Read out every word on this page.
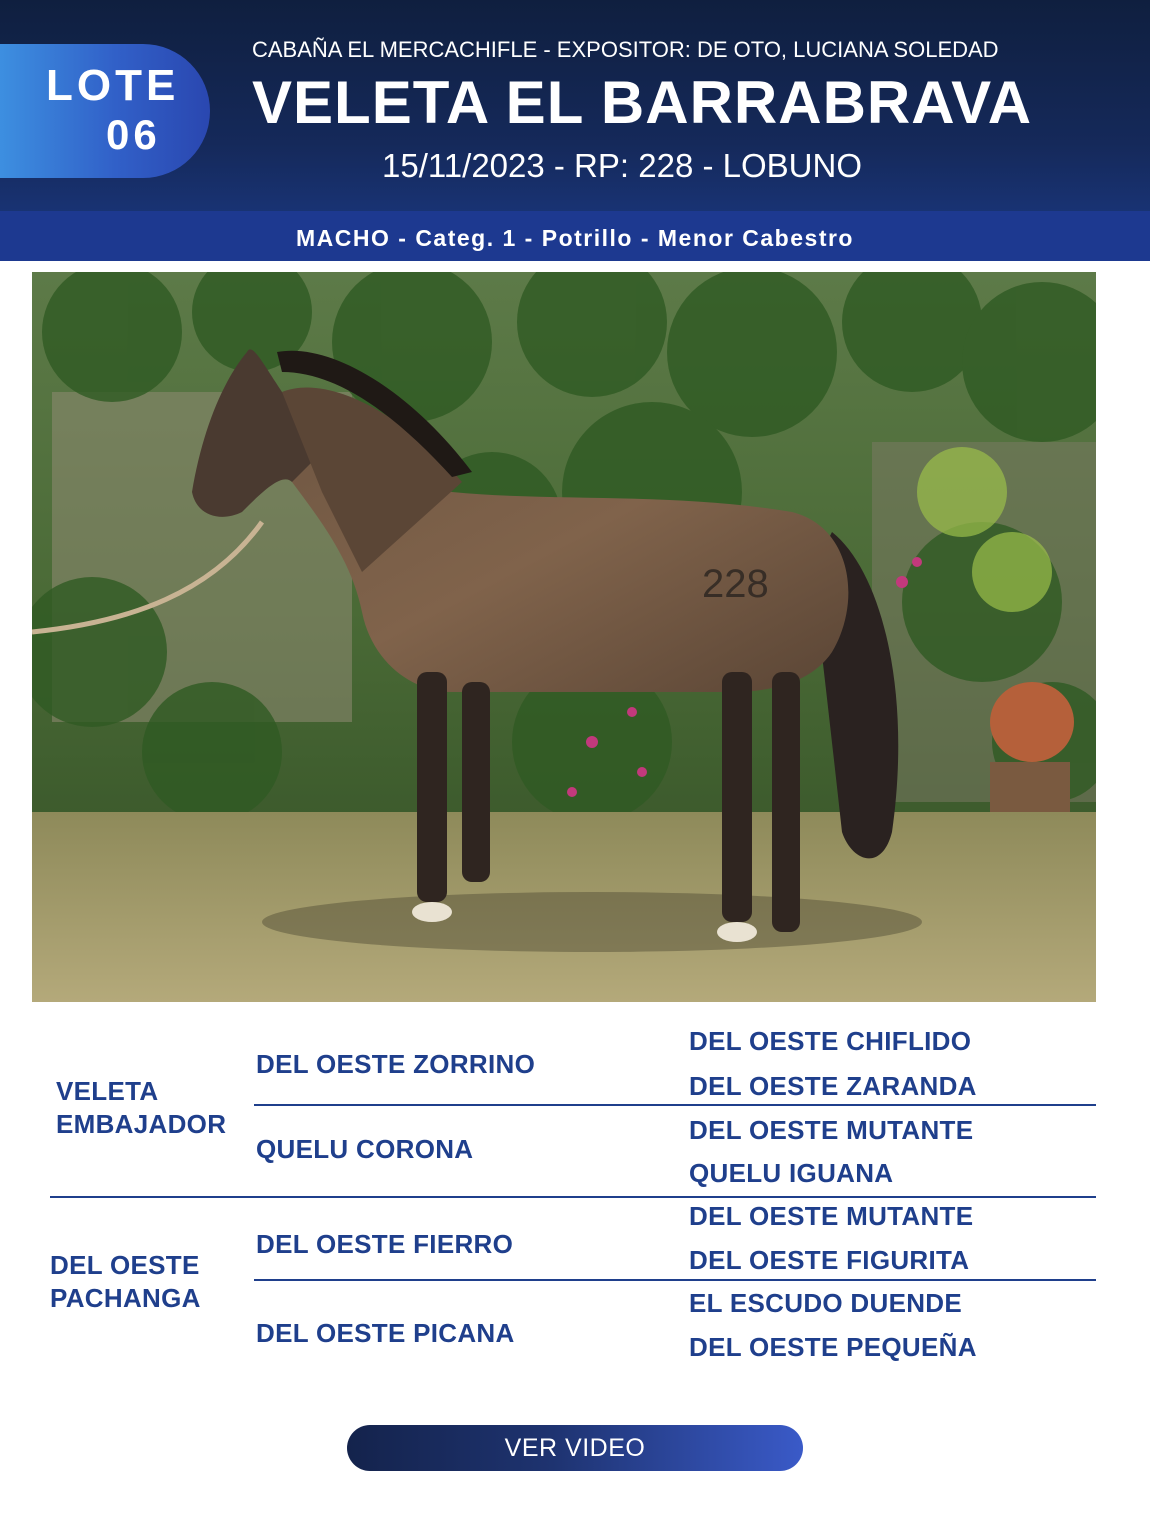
LOTE
06
CABAÑA EL MERCACHIFLE - EXPOSITOR: DE OTO, LUCIANA SOLEDAD
VELETA EL BARRABRAVA
15/11/2023 - RP: 228 - LOBUNO
MACHO - Categ. 1 - Potrillo - Menor Cabestro
228
VELETA
EMBAJADOR
DEL OESTE
PACHANGA
DEL OESTE ZORRINO
QUELU CORONA
DEL OESTE FIERRO
DEL OESTE PICANA
DEL OESTE CHIFLIDO
DEL OESTE ZARANDA
DEL OESTE MUTANTE
QUELU IGUANA
DEL OESTE MUTANTE
DEL OESTE FIGURITA
EL ESCUDO DUENDE
DEL OESTE PEQUEÑA
VER VIDEO
